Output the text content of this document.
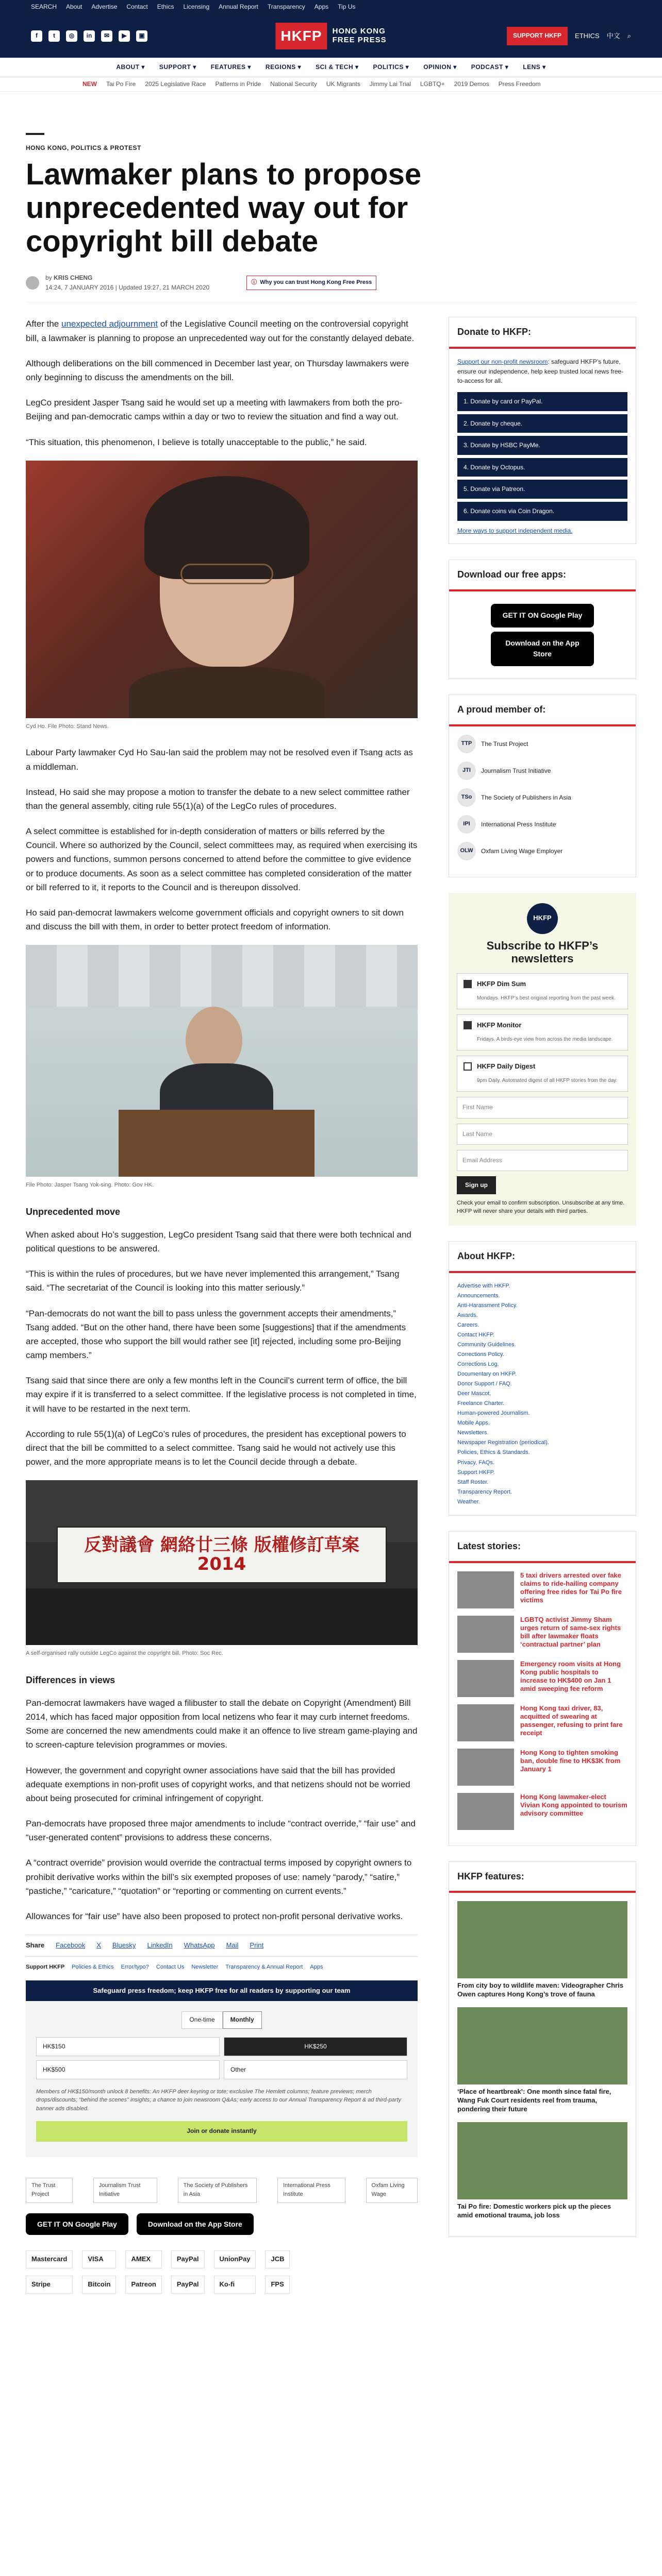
SEARCH About Advertise Contact Ethics Licensing Annual Report Transparency Apps Tip Us
f	t	◎	in	✉	▶	▣	HKFP	HONG KONG
FREE PRESS	SUPPORT HKFP	ETHICS 中文 ⌕
ABOUT ▾ SUPPORT ▾ FEATURES ▾ REGIONS ▾ SCI & TECH ▾ POLITICS ▾ OPINION ▾ PODCAST ▾ LENS ▾
NEW Tai Po Fire 2025 Legislative Race Patterns in Pride National Security UK Migrants Jimmy Lai Trial LGBTQ+ 2019 Demos Press Freedom
HONG KONG, POLITICS & PROTEST
Lawmaker plans to propose unprecedented way out for copyright bill debate
by KRIS CHENG
14:24, 7 JANUARY 2016 | Updated 19:27, 21 MARCH 2020
ⓘ Why you can trust Hong Kong Free Press

After the unexpected adjournment of the Legislative Council meeting on the controversial copyright bill, a lawmaker is planning to propose an unprecedented way out for the constantly delayed debate.

Although deliberations on the bill commenced in December last year, on Thursday lawmakers were only beginning to discuss the amendments on the bill.

LegCo president Jasper Tsang said he would set up a meeting with lawmakers from both the pro-Beijing and pan-democratic camps within a day or two to review the situation and find a way out.

“This situation, this phenomenon, I believe is totally unacceptable to the public,” he said.

Cyd Ho. File Photo: Stand News.

Labour Party lawmaker Cyd Ho Sau-lan said the problem may not be resolved even if Tsang acts as a middleman.

Instead, Ho said she may propose a motion to transfer the debate to a new select committee rather than the general assembly, citing rule 55(1)(a) of the LegCo rules of procedures.

A select committee is established for in-depth consideration of matters or bills referred by the Council. Where so authorized by the Council, select committees may, as required when exercising its powers and functions, summon persons concerned to attend before the committee to give evidence or to produce documents. As soon as a select committee has completed consideration of the matter or bill referred to it, it reports to the Council and is thereupon dissolved.

Ho said pan-democrat lawmakers welcome government officials and copyright owners to sit down and discuss the bill with them, in order to better protect freedom of information.

File Photo: Jasper Tsang Yok-sing. Photo: Gov HK.
Unprecedented move

When asked about Ho’s suggestion, LegCo president Tsang said that there were both technical and political questions to be answered.

“This is within the rules of procedures, but we have never implemented this arrangement,” Tsang said. “The secretariat of the Council is looking into this matter seriously.”

“Pan-democrats do not want the bill to pass unless the government accepts their amendments,” Tsang added. “But on the other hand, there have been some [suggestions] that if the amendments are accepted, those who support the bill would rather see [it] rejected, including some pro-Beijing camp members.”

Tsang said that since there are only a few months left in the Council’s current term of office, the bill may expire if it is transferred to a select committee. If the legislative process is not completed in time, it will have to be restarted in the next term.

According to rule 55(1)(a) of LegCo’s rules of procedures, the president has exceptional powers to direct that the bill be committed to a select committee. Tsang said he would not actively use this power, and the more appropriate means is to let the Council decide through a debate.

反對議會 網絡廿三條 版權修訂草案2014
A self-organised rally outside LegCo against the copyright bill. Photo: Soc Rec.
Differences in views

Pan-democrat lawmakers have waged a filibuster to stall the debate on Copyright (Amendment) Bill 2014, which has faced major opposition from local netizens who fear it may curb internet freedoms. Some are concerned the new amendments could make it an offence to live stream game-playing and to screen-capture television programmes or movies.

However, the government and copyright owner associations have said that the bill has provided adequate exemptions in non-profit uses of copyright works, and that netizens should not be worried about being prosecuted for criminal infringement of copyright.

Pan-democrats have proposed three major amendments to include “contract override,” “fair use” and “user-generated content” provisions to address these concerns.

A “contract override” provision would override the contractual terms imposed by copyright owners to prohibit derivative works within the bill’s six exempted proposes of use: namely “parody,” “satire,” “pastiche,” “caricature,” “quotation” or “reporting or commenting on current events.”

Allowances for “fair use” have also been proposed to protect non-profit personal derivative works.

Share Facebook X Bluesky LinkedIn WhatsApp Mail Print
Support HKFP Policies & Ethics Error/typo? Contact Us Newsletter Transparency & Annual Report Apps
Safeguard press freedom; keep HKFP free for all readers by supporting our team
One-time	Monthly
HK$150	HK$250
HK$500	Other
Members of HK$150/month unlock 8 benefits: An HKFP deer keyring or tote; exclusive The Hemlett columns; feature previews; merch drops/discounts; “behind the scenes” insights; a chance to join newsroom Q&As; early access to our Annual Transparency Report & ad third-party banner ads disabled.
Join or donate instantly
The Trust Project
Journalism Trust Initiative
The Society of Publishers in Asia
International Press Institute
Oxfam Living Wage
GET IT ON Google Play	Download on the App Store
Mastercard	VISA	AMEX	PayPal	UnionPay	JCB
Stripe	Bitcoin	Patreon	PayPal	Ko-fi	FPS
Donate to HKFP:

Support our non-profit newsroom: safeguard HKFP’s future, ensure our independence, help keep trusted local news free-to-access for all.

1. Donate by card or PayPal.
2. Donate by cheque.
3. Donate by HSBC PayMe.
4. Donate by Octopus.
5. Donate via Patreon.
6. Donate coins via Coin Dragon.

More ways to support independent media.

Download our free apps:
GET IT ON Google Play
Download on the App Store
A proud member of:
TTP	The Trust Project
JTI	Journalism Trust Initiative
TSo	The Society of Publishers in Asia
IPI	International Press Institute
OLW	Oxfam Living Wage Employer
HKFP
Subscribe to HKFP’s newsletters
HKFP Dim Sum
Mondays. HKFP’s best original reporting from the past week.
HKFP Monitor
Fridays. A birds-eye view from across the media landscape.
HKFP Daily Digest
9pm Daily. Automated digest of all HKFP stories from the day.
First Name
Last Name
Email Address
Sign up

Check your email to confirm subscription. Unsubscribe at any time. HKFP will never share your details with third parties.

About HKFP:
Advertise with HKFP.
Announcements.
Anti-Harassment Policy.
Awards.
Careers.
Contact HKFP.
Community Guidelines.
Corrections Policy.
Corrections Log.
Documentary on HKFP.
Donor Support / FAQ.
Deer Mascot.
Freelance Charter.
Human-powered Journalism.
Mobile Apps.
Newsletters.
Newspaper Registration (periodical).
Policies, Ethics & Standards.
Privacy, FAQs.
Support HKFP.
Staff Roster.
Transparency Report.
Weather.
Latest stories:
5 taxi drivers arrested over fake claims to ride-hailing company offering free rides for Tai Po fire victims
LGBTQ activist Jimmy Sham urges return of same-sex rights bill after lawmaker floats ‘contractual partner’ plan
Emergency room visits at Hong Kong public hospitals to increase to HK$400 on Jan 1 amid sweeping fee reform
Hong Kong taxi driver, 83, acquitted of swearing at passenger, refusing to print fare receipt
Hong Kong to tighten smoking ban, double fine to HK$3K from January 1
Hong Kong lawmaker-elect Vivian Kong appointed to tourism advisory committee
HKFP features:
From city boy to wildlife maven: Videographer Chris Owen captures Hong Kong’s trove of fauna
‘Place of heartbreak’: One month since fatal fire, Wang Fuk Court residents reel from trauma, pondering their future
Tai Po fire: Domestic workers pick up the pieces amid emotional trauma, job loss
